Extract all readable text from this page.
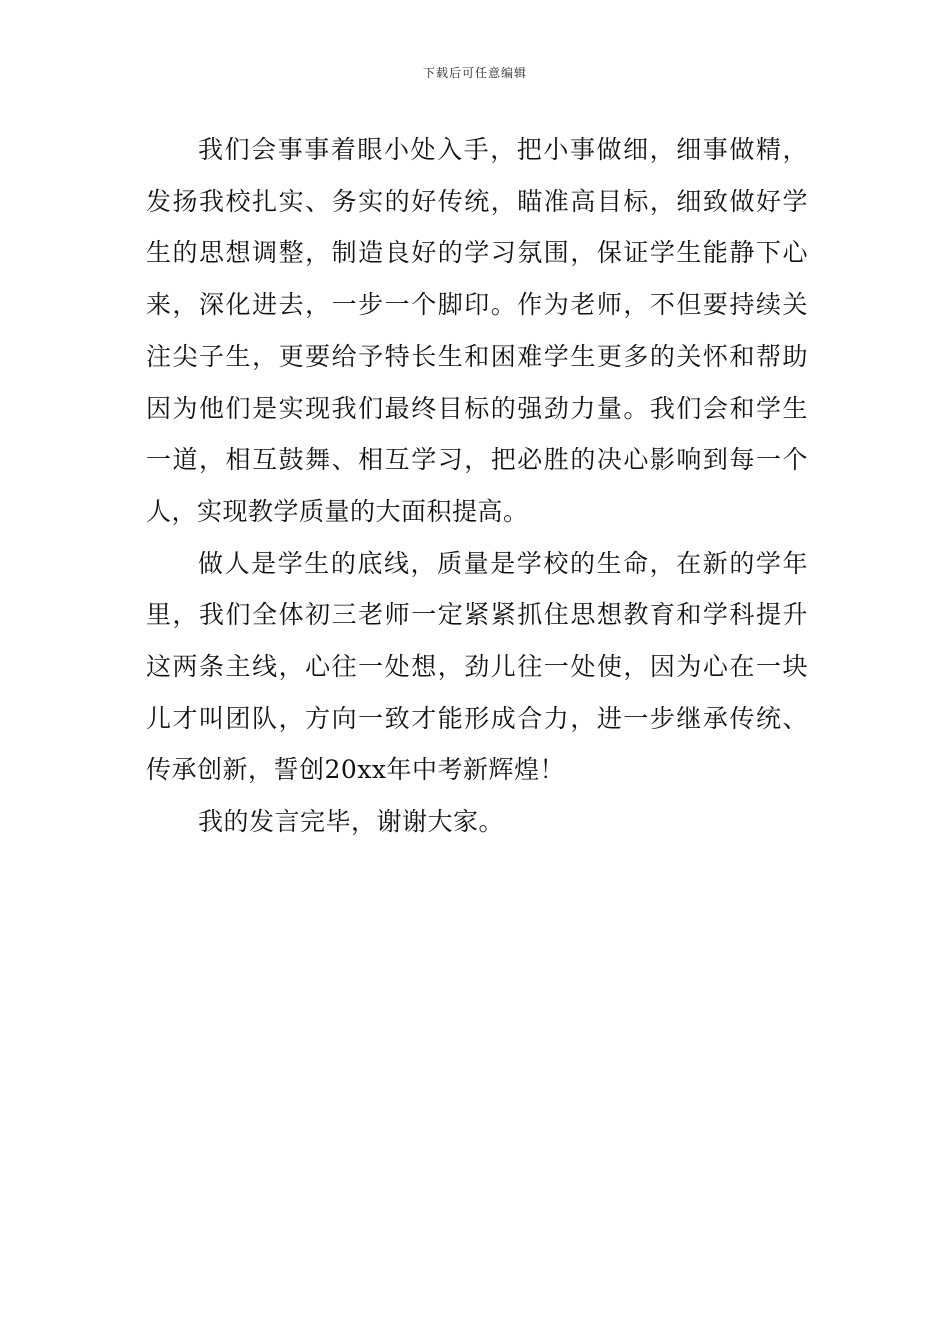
下载后可任意编辑

我们会事事着眼小处入手，把小事做细，细事做精，发扬我校扎实、务实的好传统，瞄准高目标，细致做好学生的思想调整，制造良好的学习氛围，保证学生能静下心来，深化进去，一步一个脚印。作为老师，不但要持续关注尖子生，更要给予特长生和困难学生更多的关怀和帮助因为他们是实现我们最终目标的强劲力量。我们会和学生一道，相互鼓舞、相互学习，把必胜的决心影响到每一个人，实现教学质量的大面积提高。

做人是学生的底线，质量是学校的生命，在新的学年里，我们全体初三老师一定紧紧抓住思想教育和学科提升这两条主线，心往一处想，劲儿往一处使，因为心在一块儿才叫团队，方向一致才能形成合力，进一步继承传统、传承创新，誓创20xx年中考新辉煌！

我的发言完毕，谢谢大家。
